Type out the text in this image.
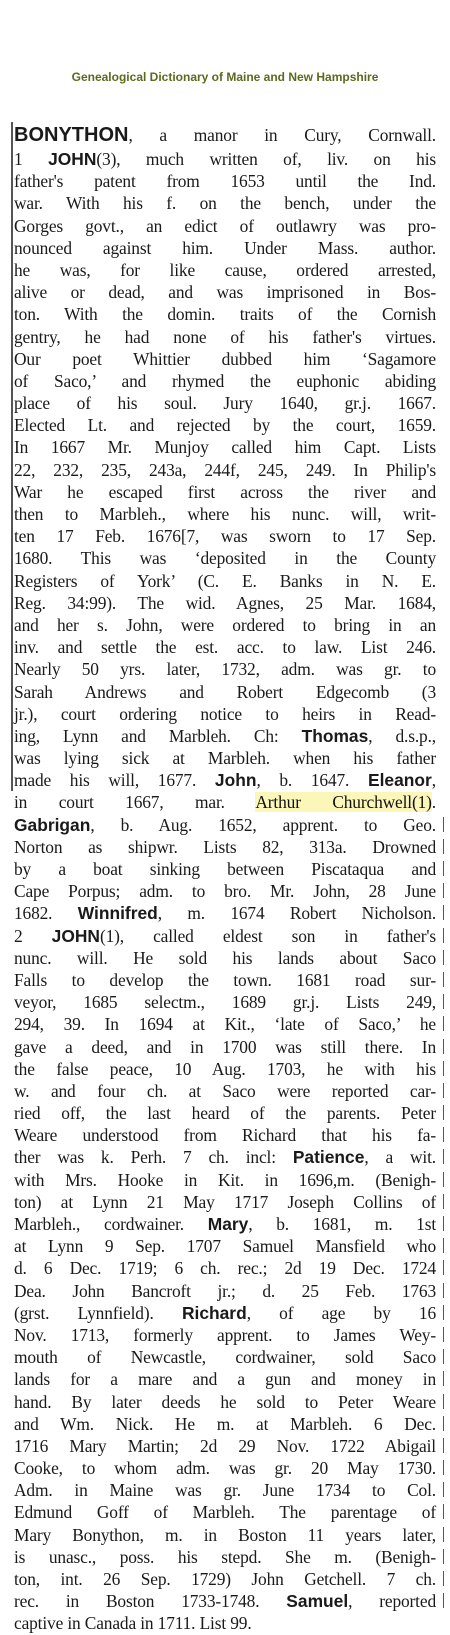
Genealogical Dictionary of Maine and New Hampshire
BONYTHON, a manor in Cury, Cornwall.
1 JOHN(3), much written of, liv. on his
father's patent from 1653 until the Ind.
war. With his f. on the bench, under the
Gorges govt., an edict of outlawry was pro-
nounced against him. Under Mass. author.
he was, for like cause, ordered arrested,
alive or dead, and was imprisoned in Bos-
ton. With the domin. traits of the Cornish
gentry, he had none of his father's virtues.
Our poet Whittier dubbed him ‘Sagamore
of Saco,’ and rhymed the euphonic abiding
place of his soul. Jury 1640, gr.j. 1667.
Elected Lt. and rejected by the court, 1659.
In 1667 Mr. Munjoy called him Capt. Lists
22, 232, 235, 243a, 244f, 245, 249. In Philip's
War he escaped first across the river and
then to Marbleh., where his nunc. will, writ-
ten 17 Feb. 1676[7, was sworn to 17 Sep.
1680. This was ‘deposited in the County
Registers of York’ (C. E. Banks in N. E.
Reg. 34:99). The wid. Agnes, 25 Mar. 1684,
and her s. John, were ordered to bring in an
inv. and settle the est. acc. to law. List 246.
Nearly 50 yrs. later, 1732, adm. was gr. to
Sarah Andrews and Robert Edgecomb (3
jr.), court ordering notice to heirs in Read-
ing, Lynn and Marbleh. Ch: Thomas, d.s.p.,
was lying sick at Marbleh. when his father
made his will, 1677. John, b. 1647. Eleanor,
in court 1667, mar. Arthur Churchwell(1).
Gabrigan, b. Aug. 1652, apprent. to Geo.
Norton as shipwr. Lists 82, 313a. Drowned
by a boat sinking between Piscataqua and
Cape Porpus; adm. to bro. Mr. John, 28 June
1682. Winnifred, m. 1674 Robert Nicholson.
2 JOHN(1), called eldest son in father's
nunc. will. He sold his lands about Saco
Falls to develop the town. 1681 road sur-
veyor, 1685 selectm., 1689 gr.j. Lists 249,
294, 39. In 1694 at Kit., ‘late of Saco,’ he
gave a deed, and in 1700 was still there. In
the false peace, 10 Aug. 1703, he with his
w. and four ch. at Saco were reported car-
ried off, the last heard of the parents. Peter
Weare understood from Richard that his fa-
ther was k. Perh. 7 ch. incl: Patience, a wit.
with Mrs. Hooke in Kit. in 1696,m. (Benigh-
ton) at Lynn 21 May 1717 Joseph Collins of
Marbleh., cordwainer. Mary, b. 1681, m. 1st
at Lynn 9 Sep. 1707 Samuel Mansfield who
d. 6 Dec. 1719; 6 ch. rec.; 2d 19 Dec. 1724
Dea. John Bancroft jr.; d. 25 Feb. 1763
(grst. Lynnfield). Richard, of age by 16
Nov. 1713, formerly apprent. to James Wey-
mouth of Newcastle, cordwainer, sold Saco
lands for a mare and a gun and money in
hand. By later deeds he sold to Peter Weare
and Wm. Nick. He m. at Marbleh. 6 Dec.
1716 Mary Martin; 2d 29 Nov. 1722 Abigail
Cooke, to whom adm. was gr. 20 May 1730.
Adm. in Maine was gr. June 1734 to Col.
Edmund Goff of Marbleh. The parentage of
Mary Bonython, m. in Boston 11 years later,
is unasc., poss. his stepd. She m. (Benigh-
ton, int. 26 Sep. 1729) John Getchell. 7 ch.
rec. in Boston 1733-1748. Samuel, reported
captive in Canada in 1711. List 99.
